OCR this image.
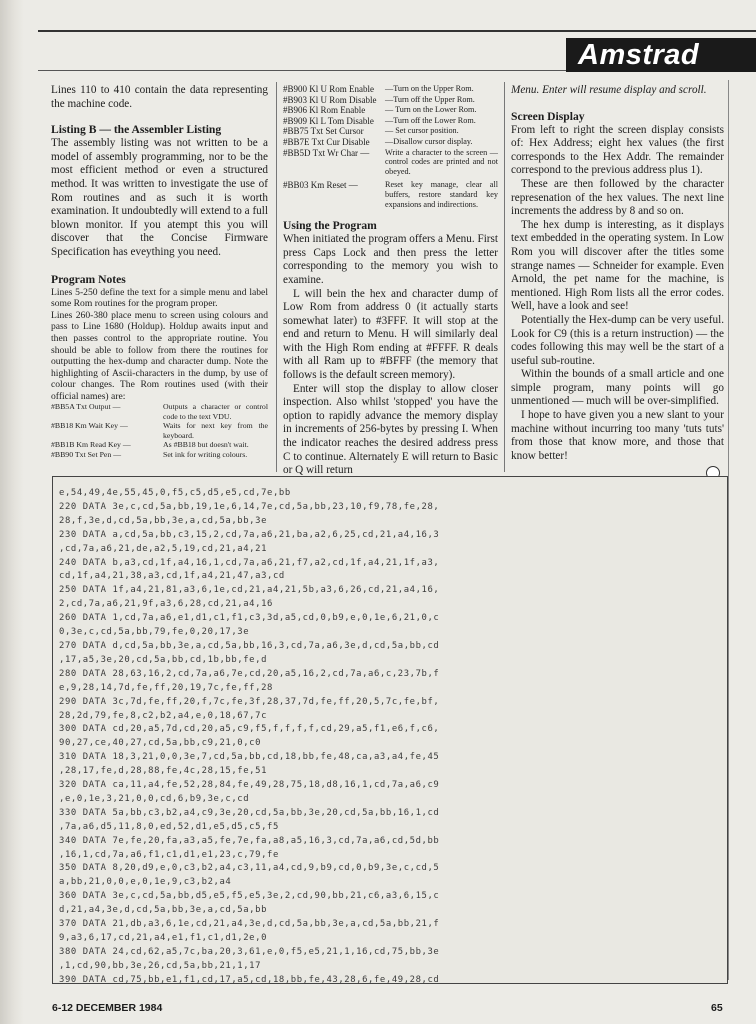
Amstrad

Lines 110 to 410 contain the data representing the machine code.

Listing B — the Assembler Listing

The assembly listing was not written to be a model of assembly programming, nor to be the most efficient method or even a structured method. It was written to investigate the use of Rom routines and as such it is worth examination. It undoubtedly will extend to a full blown monitor. If you atempt this you will discover that the Concise Firmware Specification has eveything you need.

Program Notes

Lines 5-250 define the text for a simple menu and label some Rom routines for the program proper.

Lines 260-380 place menu to screen using colours and pass to Line 1680 (Holdup). Holdup awaits input and then passes control to the appropriate routine. You should be able to follow from there the routines for outputting the hex-dump and character dump. Note the highlighting of Ascii-characters in the dump, by use of colour changes. The Rom routines used (with their official names) are:

#BB5A Txt Output —	Outputs a character or control code to the text VDU.
#BB18 Km Wait Key —	Waits for next key from the keyboard.
#BB1B Km Read Key —	As #BB18 but doesn't wait.
#BB90 Txt Set Pen —	Set ink for writing colours.
#B900 Kl U Rom Enable	—Turn on the Upper Rom.
#B903 Kl U Rom Disable	—Turn off the Upper Rom.
#B906 Kl Rom Enable	— Turn on the Lower Rom.
#B909 Kl L Tom Disable	—Turn off the Lower Rom.
#BB75 Txt Set Cursor	— Set cursor position.
#BB7E Txt Cur Disable	—Disallow cursor display.
#BB5D Txt Wr Char —	Write a character to the screen — control codes are printed and not obeyed.
#BB03 Km Reset —	Reset key manage, clear all buffers, restore standard key expansions and indirections.
Using the Program

When initiated the program offers a Menu. First press Caps Lock and then press the letter corresponding to the memory you wish to examine.

L will bein the hex and character dump of Low Rom from address 0 (it actually starts somewhat later) to #3FFF. It will stop at the end and return to Menu. H will similarly deal with the High Rom ending at #FFFF. R deals with all Ram up to #BFFF (the memory that follows is the default screen memory).

Enter will stop the display to allow closer inspection. Also whilst 'stopped' you have the option to rapidly advance the memory display in increments of 256-bytes by pressing I. When the indicator reaches the desired address press C to continue. Alternately E will return to Basic or Q will return

Menu. Enter will resume display and scroll.

Screen Display

From left to right the screen display consists of: Hex Address; eight hex values (the first corresponds to the Hex Addr. The remainder correspond to the previous address plus 1).

These are then followed by the character represenation of the hex values. The next line increments the address by 8 and so on.

The hex dump is interesting, as it displays text embedded in the operating system. In Low Rom you will discover after the titles some strange names — Schneider for example. Even Arnold, the pet name for the machine, is mentioned. High Rom lists all the error codes. Well, have a look and see!

Potentially the Hex-dump can be very useful. Look for C9 (this is a return instruction) — the codes following this may well be the start of a useful sub-routine.

Within the bounds of a small article and one simple program, many points will go unmentioned — much will be over-simplified.

I hope to have given you a new slant to your machine without incurring too many 'tuts tuts' from those that know more, and those that know better!

e,54,49,4e,55,45,0,f5,c5,d5,e5,cd,7e,bb
220 DATA 3e,c,cd,5a,bb,19,1e,6,14,7e,cd,5a,bb,23,10,f9,78,fe,28,
28,f,3e,d,cd,5a,bb,3e,a,cd,5a,bb,3e
230 DATA a,cd,5a,bb,c3,15,2,cd,7a,a6,21,ba,a2,6,25,cd,21,a4,16,3
,cd,7a,a6,21,de,a2,5,19,cd,21,a4,21
240 DATA b,a3,cd,1f,a4,16,1,cd,7a,a6,21,f7,a2,cd,1f,a4,21,1f,a3,
cd,1f,a4,21,38,a3,cd,1f,a4,21,47,a3,cd
250 DATA 1f,a4,21,81,a3,6,1e,cd,21,a4,21,5b,a3,6,26,cd,21,a4,16,
2,cd,7a,a6,21,9f,a3,6,28,cd,21,a4,16
260 DATA 1,cd,7a,a6,e1,d1,c1,f1,c3,3d,a5,cd,0,b9,e,0,1e,6,21,0,c
0,3e,c,cd,5a,bb,79,fe,0,20,17,3e
270 DATA d,cd,5a,bb,3e,a,cd,5a,bb,16,3,cd,7a,a6,3e,d,cd,5a,bb,cd
,17,a5,3e,20,cd,5a,bb,cd,1b,bb,fe,d
280 DATA 28,63,16,2,cd,7a,a6,7e,cd,20,a5,16,2,cd,7a,a6,c,23,7b,f
e,9,28,14,7d,fe,ff,20,19,7c,fe,ff,28
290 DATA 3c,7d,fe,ff,20,f,7c,fe,3f,28,37,7d,fe,ff,20,5,7c,fe,bf,
28,2d,79,fe,8,c2,b2,a4,e,0,18,67,7c
300 DATA cd,20,a5,7d,cd,20,a5,c9,f5,f,f,f,f,cd,29,a5,f1,e6,f,c6,
90,27,ce,40,27,cd,5a,bb,c9,21,0,c0
310 DATA 18,3,21,0,0,3e,7,cd,5a,bb,cd,18,bb,fe,48,ca,a3,a4,fe,45
,28,17,fe,d,28,88,fe,4c,28,15,fe,51
320 DATA ca,11,a4,fe,52,28,84,fe,49,28,75,18,d8,16,1,cd,7a,a6,c9
,e,0,1e,3,21,0,0,cd,6,b9,3e,c,cd
330 DATA 5a,bb,c3,b2,a4,c9,3e,20,cd,5a,bb,3e,20,cd,5a,bb,16,1,cd
,7a,a6,d5,11,8,0,ed,52,d1,e5,d5,c5,f5
340 DATA 7e,fe,20,fa,a3,a5,fe,7e,fa,a8,a5,16,3,cd,7a,a6,cd,5d,bb
,16,1,cd,7a,a6,f1,c1,d1,e1,23,c,79,fe
350 DATA 8,20,d9,e,0,c3,b2,a4,c3,11,a4,cd,9,b9,cd,0,b9,3e,c,cd,5
a,bb,21,0,0,e,0,1e,9,c3,b2,a4
360 DATA 3e,c,cd,5a,bb,d5,e5,f5,e5,3e,2,cd,90,bb,21,c6,a3,6,15,c
d,21,a4,3e,d,cd,5a,bb,3e,a,cd,5a,bb
370 DATA 21,db,a3,6,1e,cd,21,a4,3e,d,cd,5a,bb,3e,a,cd,5a,bb,21,f
9,a3,6,17,cd,21,a4,e1,f1,c1,d1,2e,0
380 DATA 24,cd,62,a5,7c,ba,20,3,61,e,0,f5,e5,21,1,16,cd,75,bb,3e
,1,cd,90,bb,3e,26,cd,5a,bb,21,1,17
390 DATA cd,75,bb,e1,f1,cd,17,a5,cd,18,bb,fe,43,28,6,fe,49,28,cd

6-12 DECEMBER 1984	65
